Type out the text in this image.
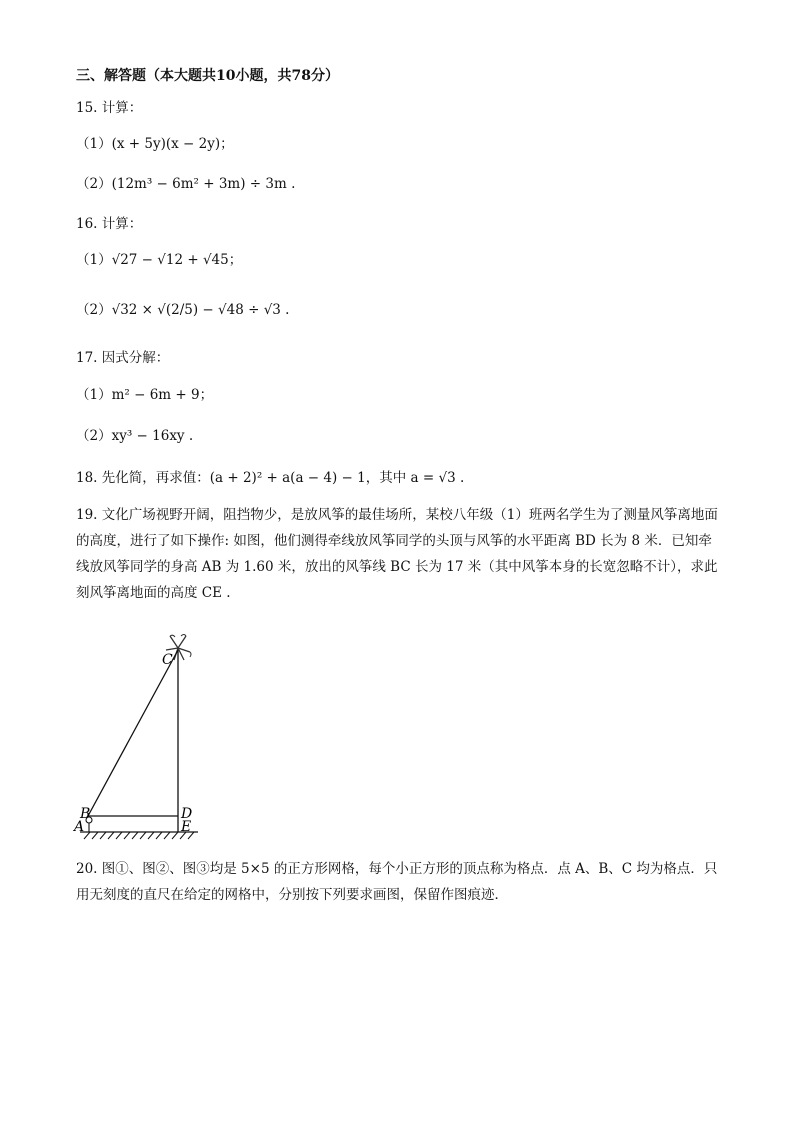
三、解答题（本大题共10小题，共78分）
15. 计算：
（1）(x + 5y)(x − 2y)；
（2）(12m³ − 6m² + 3m) ÷ 3m .
16. 计算：
（1）√27 − √12 + √45；
（2）√32 × √(2/5) − √48 ÷ √3 .
17. 因式分解：
（1）m² − 6m + 9；
（2）xy³ − 16xy .
18. 先化简，再求值：(a + 2)² + a(a − 4) − 1，其中 a = √3 .
19. 文化广场视野开阔，阻挡物少，是放风筝的最佳场所，某校八年级（1）班两名学生为了测量风筝离地面的高度，进行了如下操作: 如图，他们测得牵线放风筝同学的头顶与风筝的水平距离 BD 长为 8 米．已知牵线放风筝同学的身高 AB 为 1.60 米，放出的风筝线 BC 长为 17 米（其中风筝本身的长宽忽略不计），求此刻风筝离地面的高度 CE .
C
B
A
D
E
20. 图①、图②、图③均是 5×5 的正方形网格，每个小正方形的顶点称为格点．点 A、B、C 均为格点．只用无刻度的直尺在给定的网格中，分别按下列要求画图，保留作图痕迹．
